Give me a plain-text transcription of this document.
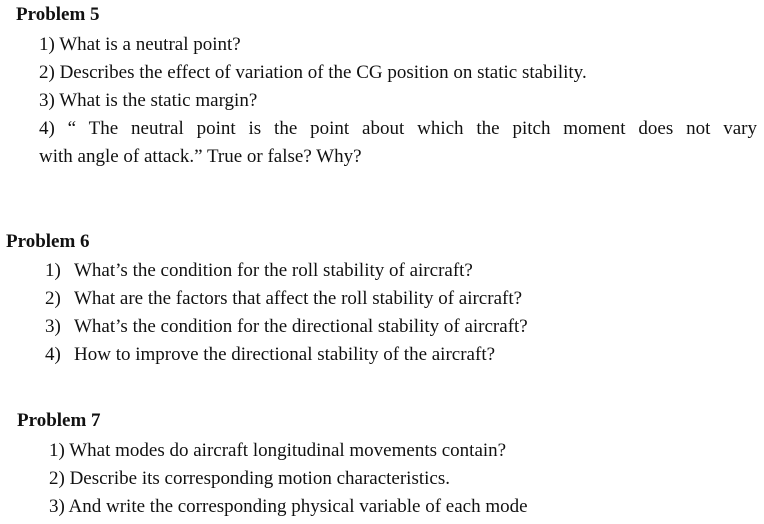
Problem 5
1) What is a neutral point?
2) Describes the effect of variation of the CG position on static stability.
3) What is the static margin?
4) “ The neutral point is the point about which the pitch moment does not vary
with angle of attack.” True or false? Why?
Problem 6
1) What’s the condition for the roll stability of aircraft?
2) What are the factors that affect the roll stability of aircraft?
3) What’s the condition for the directional stability of aircraft?
4) How to improve the directional stability of the aircraft?
Problem 7
1) What modes do aircraft longitudinal movements contain?
2) Describe its corresponding motion characteristics.
3) And write the corresponding physical variable of each mode
